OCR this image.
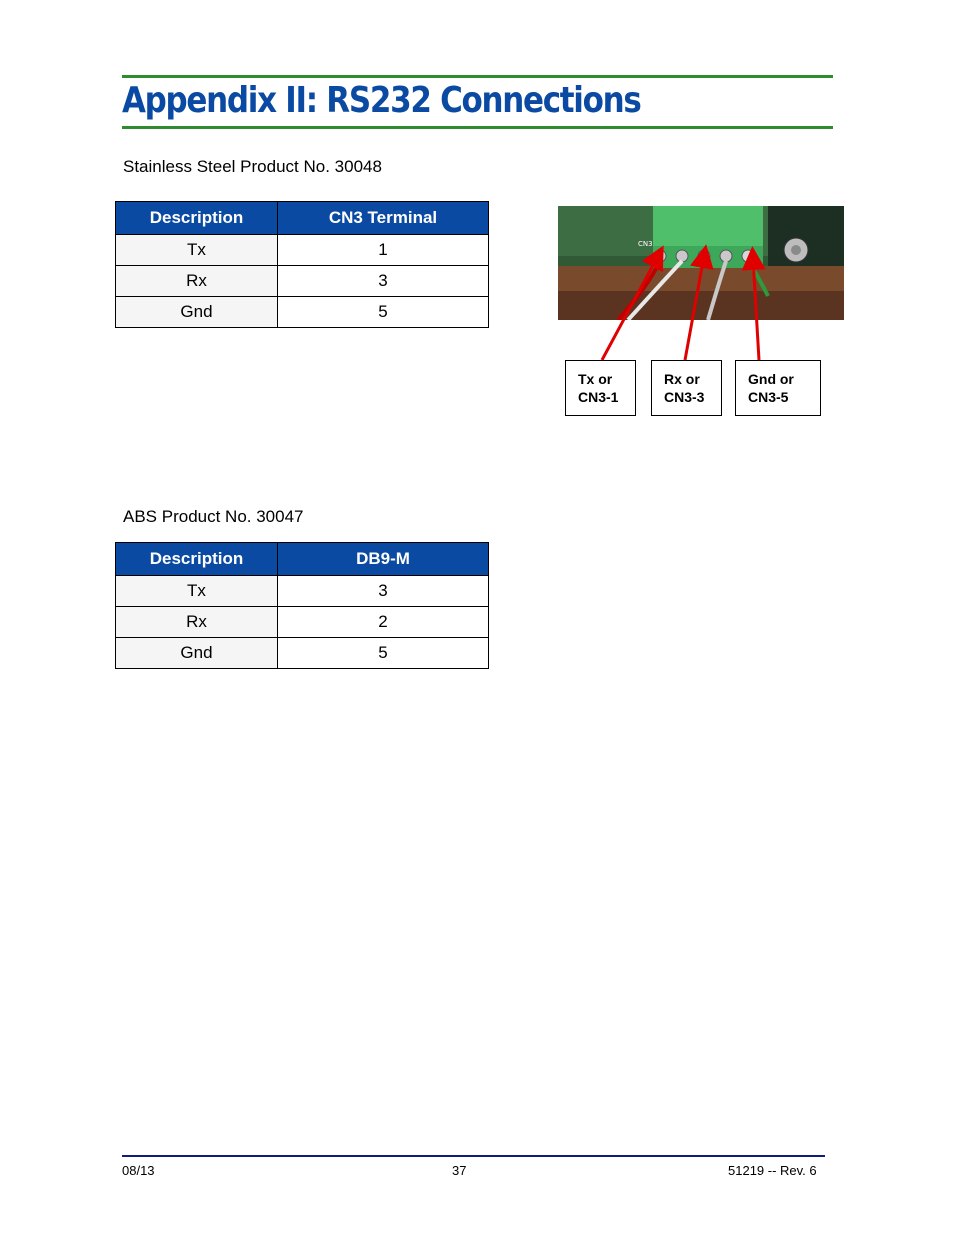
Appendix II: RS232 Connections
Stainless Steel Product No. 30048
Description	CN3 Terminal
Tx	1
Rx	3
Gnd	5
CN3
Tx or
CN3-1
Rx or
CN3-3
Gnd or
CN3-5
ABS Product No. 30047
Description	DB9-M
Tx	3
Rx	2
Gnd	5
08/13	37	51219 -- Rev. 6
